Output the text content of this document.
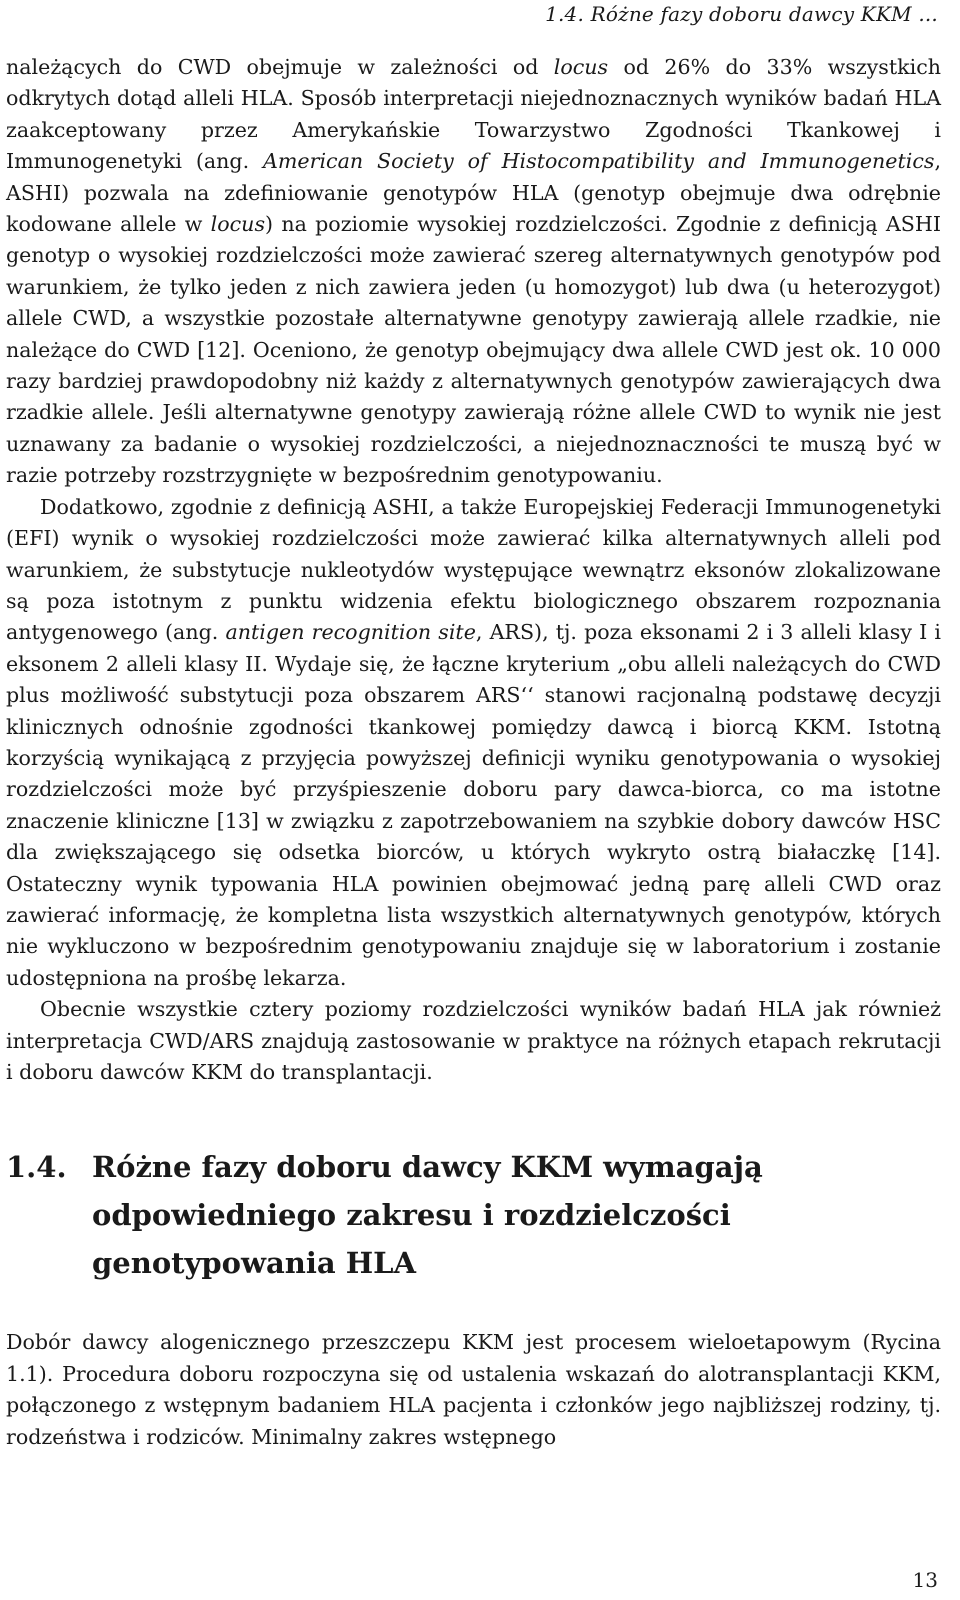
1.4. Różne fazy doboru dawcy KKM ...

należących do CWD obejmuje w zależności od locus od 26% do 33% wszystkich odkrytych dotąd alleli HLA. Sposób interpretacji niejednoznacznych wyników badań HLA zaakceptowany przez Amerykańskie Towarzystwo Zgodności Tkankowej i Immunogenetyki (ang. American Society of Histocompatibility and Immunogenetics, ASHI) pozwala na zdefiniowanie genotypów HLA (genotyp obejmuje dwa odrębnie kodowane allele w locus) na poziomie wysokiej rozdzielczości. Zgodnie z definicją ASHI genotyp o wysokiej rozdzielczości może zawierać szereg alternatywnych genotypów pod warunkiem, że tylko jeden z nich zawiera jeden (u homozygot) lub dwa (u heterozygot) allele CWD, a wszystkie pozostałe alternatywne genotypy zawierają allele rzadkie, nie należące do CWD [12]. Oceniono, że genotyp obejmujący dwa allele CWD jest ok. 10 000 razy bardziej prawdopodobny niż każdy z alternatywnych genotypów zawierających dwa rzadkie allele. Jeśli alternatywne genotypy zawierają różne allele CWD to wynik nie jest uznawany za badanie o wysokiej rozdzielczości, a niejednoznaczności te muszą być w razie potrzeby rozstrzygnięte w bezpośrednim genotypowaniu.

Dodatkowo, zgodnie z definicją ASHI, a także Europejskiej Federacji Immunogenetyki (EFI) wynik o wysokiej rozdzielczości może zawierać kilka alternatywnych alleli pod warunkiem, że substytucje nukleotydów występujące wewnątrz eksonów zlokalizowane są poza istotnym z punktu widzenia efektu biologicznego obszarem rozpoznania antygenowego (ang. antigen recognition site, ARS), tj. poza eksonami 2 i 3 alleli klasy I i eksonem 2 alleli klasy II. Wydaje się, że łączne kryterium „obu alleli należących do CWD plus możliwość substytucji poza obszarem ARS‘‘ stanowi racjonalną podstawę decyzji klinicznych odnośnie zgodności tkankowej pomiędzy dawcą i biorcą KKM. Istotną korzyścią wynikającą z przyjęcia powyższej definicji wyniku genotypowania o wysokiej rozdzielczości może być przyśpieszenie doboru pary dawca-biorca, co ma istotne znaczenie kliniczne [13] w związku z zapotrzebowaniem na szybkie dobory dawców HSC dla zwiększającego się odsetka biorców, u których wykryto ostrą białaczkę [14]. Ostateczny wynik typowania HLA powinien obejmować jedną parę alleli CWD oraz zawierać informację, że kompletna lista wszystkich alternatywnych genotypów, których nie wykluczono w bezpośrednim genotypowaniu znajduje się w laboratorium i zostanie udostępniona na prośbę lekarza.

Obecnie wszystkie cztery poziomy rozdzielczości wyników badań HLA jak również interpretacja CWD/ARS znajdują zastosowanie w praktyce na różnych etapach rekrutacji i doboru dawców KKM do transplantacji.

1.4. Różne fazy doboru dawcy KKM wymagają odpowiedniego zakresu i rozdzielczości genotypowania HLA

Dobór dawcy alogenicznego przeszczepu KKM jest procesem wieloetapowym (Rycina 1.1). Procedura doboru rozpoczyna się od ustalenia wskazań do alotransplantacji KKM, połączonego z wstępnym badaniem HLA pacjenta i członków jego najbliższej rodziny, tj. rodzeństwa i rodziców. Minimalny zakres wstępnego

13
